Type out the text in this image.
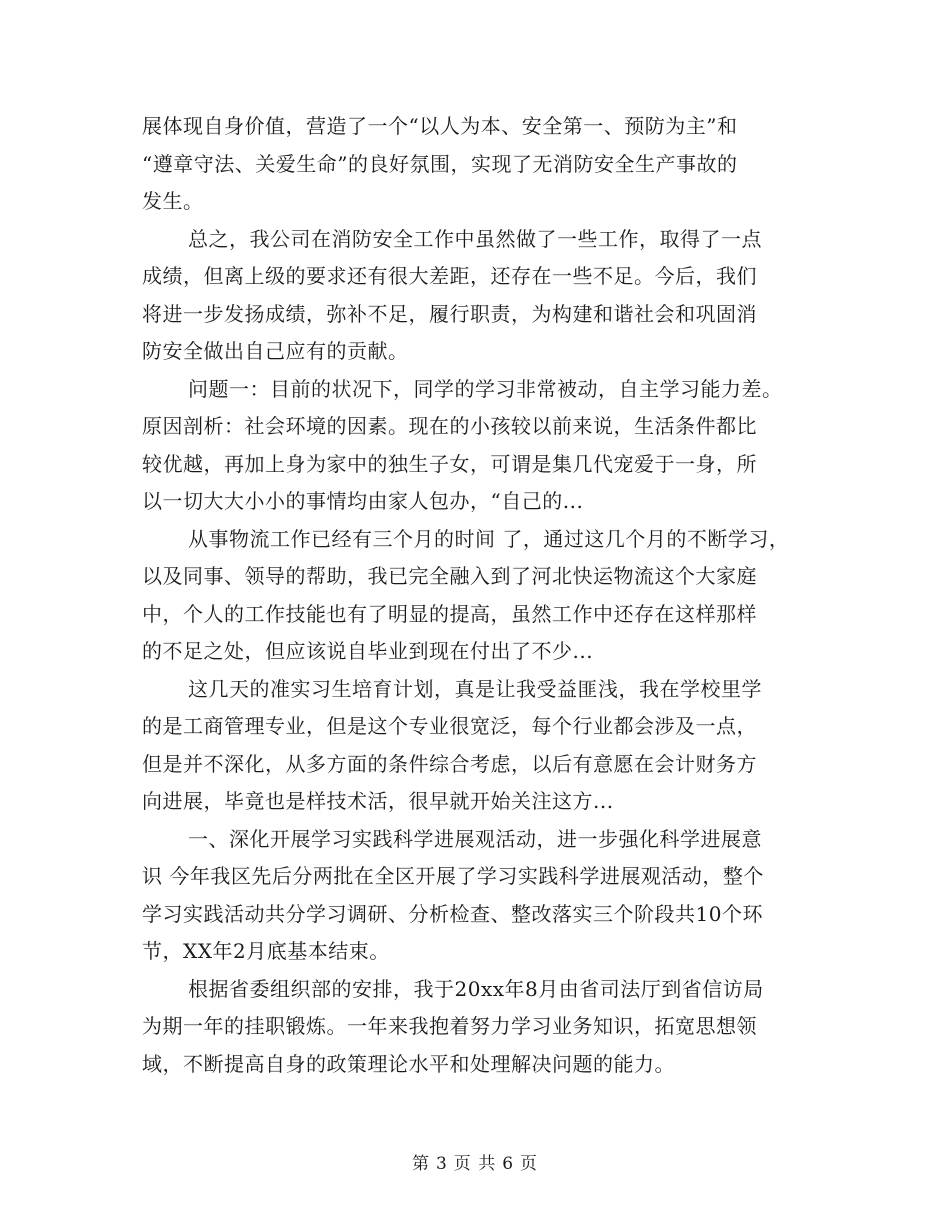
展体现自身价值，营造了一个“以人为本、安全第一、预防为主”和
“遵章守法、关爱生命”的良好氛围，实现了无消防安全生产事故的
发生。
总之，我公司在消防安全工作中虽然做了一些工作，取得了一点
成绩，但离上级的要求还有很大差距，还存在一些不足。今后，我们
将进一步发扬成绩，弥补不足，履行职责，为构建和谐社会和巩固消
防安全做出自己应有的贡献。
问题一：目前的状况下，同学的学习非常被动，自主学习能力差。
原因剖析：社会环境的因素。现在的小孩较以前来说，生活条件都比
较优越，再加上身为家中的独生子女，可谓是集几代宠爱于一身，所
以一切大大小小的事情均由家人包办，“自己的...
从事物流工作已经有三个月的时间 了，通过这几个月的不断学习，
以及同事、领导的帮助，我已完全融入到了河北快运物流这个大家庭
中，个人的工作技能也有了明显的提高，虽然工作中还存在这样那样
的不足之处，但应该说自毕业到现在付出了不少...
这几天的准实习生培育计划，真是让我受益匪浅，我在学校里学
的是工商管理专业，但是这个专业很宽泛，每个行业都会涉及一点，
但是并不深化，从多方面的条件综合考虑，以后有意愿在会计财务方
向进展，毕竟也是样技术活，很早就开始关注这方...
一、深化开展学习实践科学进展观活动，进一步强化科学进展意
识 今年我区先后分两批在全区开展了学习实践科学进展观活动，整个
学习实践活动共分学习调研、分析检查、整改落实三个阶段共10个环
节，XX年2月底基本结束。
根据省委组织部的安排，我于20xx年8月由省司法厅到省信访局
为期一年的挂职锻炼。一年来我抱着努力学习业务知识，拓宽思想领
域，不断提高自身的政策理论水平和处理解决问题的能力。
第 3 页 共 6 页
